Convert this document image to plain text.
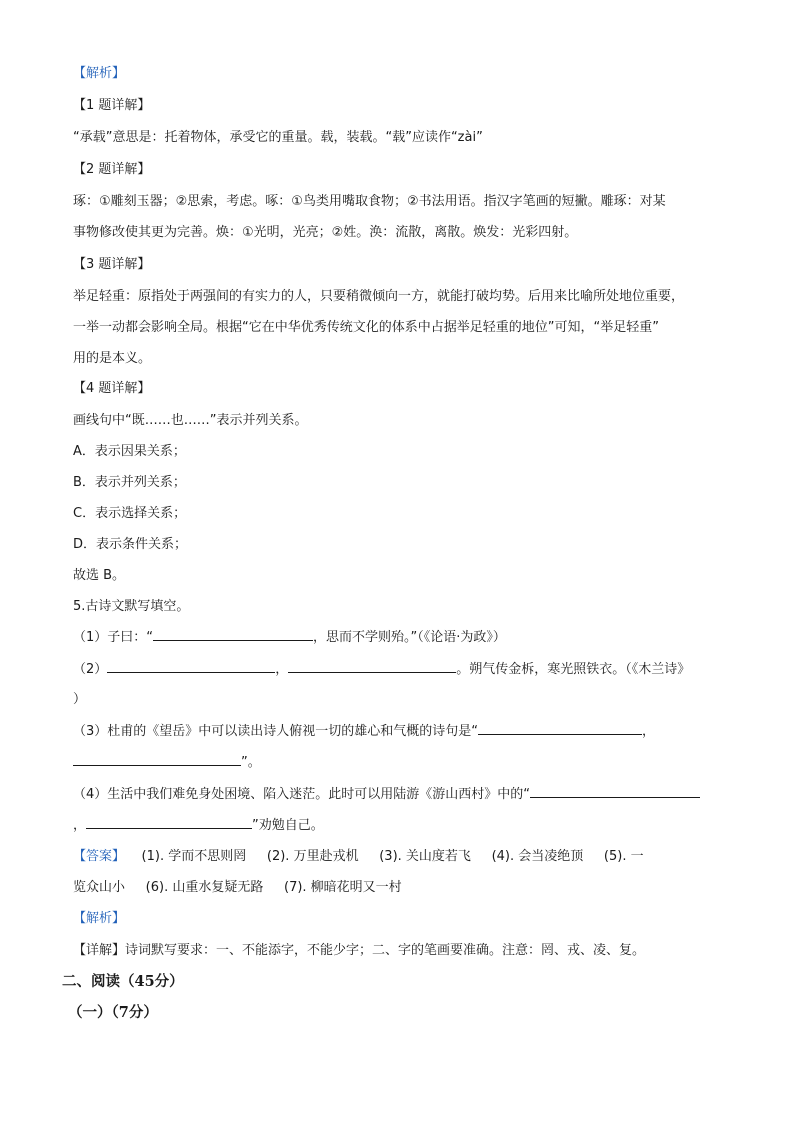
【解析】
【1 题详解】
“承载”意思是：托着物体，承受它的重量。载，装载。“载”应读作“zài”
【2 题详解】
琢：①雕刻玉器；②思索，考虑。啄：①鸟类用嘴取食物；②书法用语。指汉字笔画的短撇。雕琢：对某
事物修改使其更为完善。焕：①光明，光亮；②姓。涣：流散，离散。焕发：光彩四射。
【3 题详解】
举足轻重：原指处于两强间的有实力的人，只要稍微倾向一方，就能打破均势。后用来比喻所处地位重要，
一举一动都会影响全局。根据“它在中华优秀传统文化的体系中占据举足轻重的地位”可知，“举足轻重”
用的是本义。
【4 题详解】
画线句中“既……也……”表示并列关系。
A．表示因果关系；
B．表示并列关系；
C．表示选择关系；
D．表示条件关系；
故选 B。
5.古诗文默写填空。
（1）子曰：“	，思而不学则殆。”（《论语·为政》）
（2）	，	。朔气传金柝，寒光照铁衣。（《木兰诗》
）
（3）杜甫的《望岳》中可以读出诗人俯视一切的雄心和气概的诗句是“	，
”。
（4）生活中我们难免身处困境、陷入迷茫。此时可以用陆游《游山西村》中的“
，	”劝勉自己。
【答案】    (1). 学而不思则罔     (2). 万里赴戎机     (3). 关山度若飞     (4). 会当凌绝顶     (5). 一
览众山小     (6). 山重水复疑无路     (7). 柳暗花明又一村
【解析】
【详解】诗词默写要求：一、不能添字，不能少字；二、字的笔画要准确。注意：罔、戎、凌、复。
二、阅读（45分）
（一）（7分）
